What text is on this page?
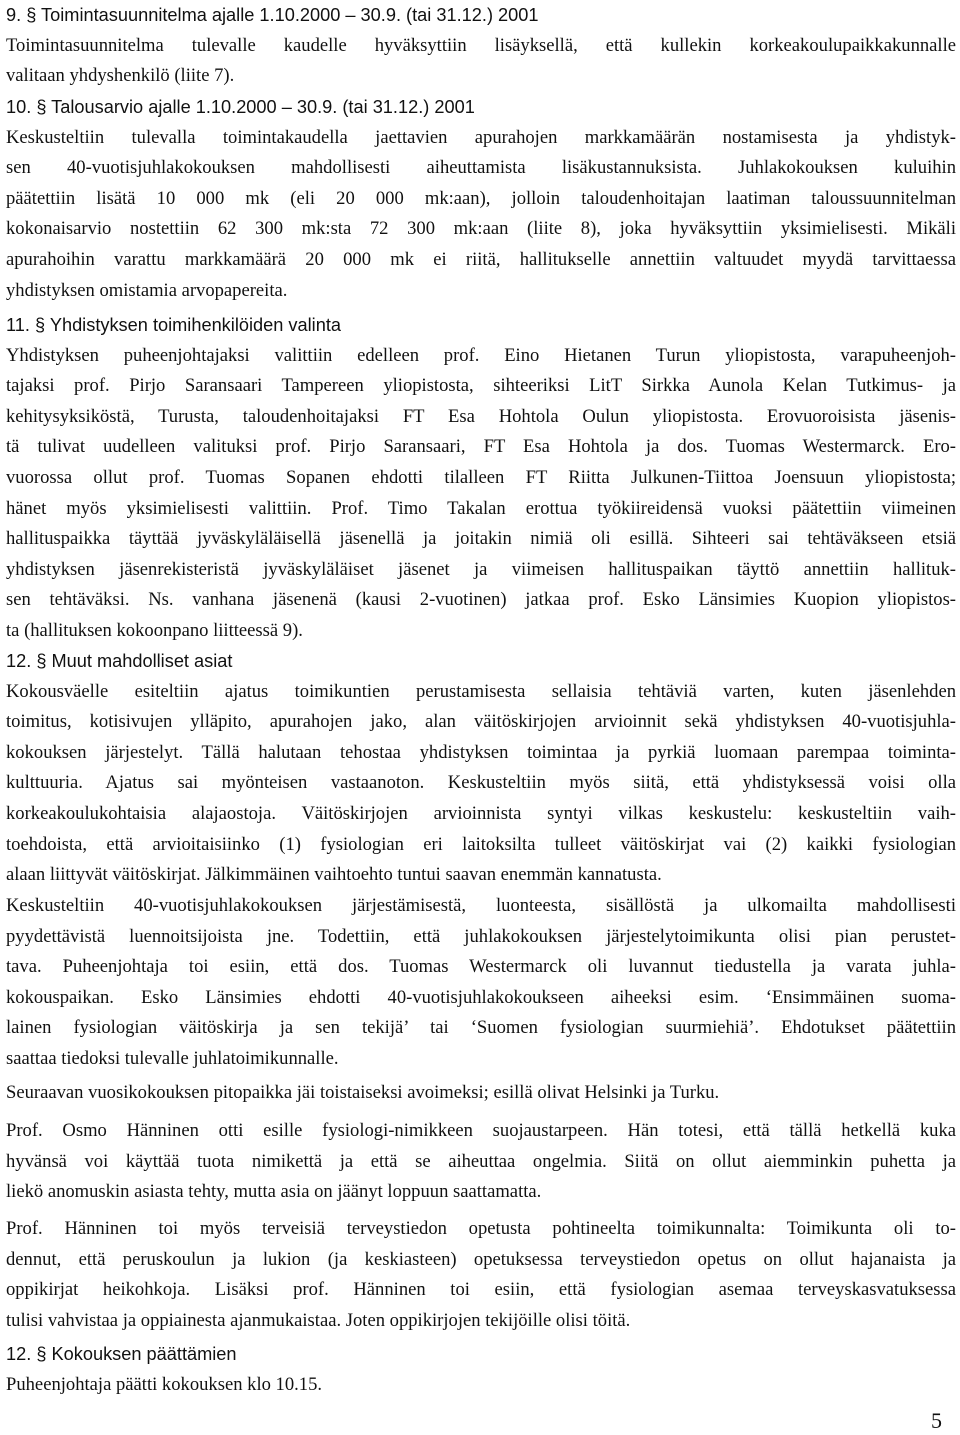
9. § Toimintasuunnitelma ajalle 1.10.2000 – 30.9. (tai 31.12.) 2001
Toimintasuunnitelma tulevalle kaudelle hyväksyttiin lisäyksellä, että kullekin korkeakoulupaikkakunnalle
valitaan yhdyshenkilö (liite 7).
10. § Talousarvio ajalle 1.10.2000 – 30.9. (tai 31.12.) 2001
Keskusteltiin tulevalla toimintakaudella jaettavien apurahojen markkamäärän nostamisesta ja yhdistyk-
sen 40-vuotisjuhlakokouksen mahdollisesti aiheuttamista lisäkustannuksista. Juhlakokouksen kuluihin
päätettiin lisätä 10 000 mk (eli 20 000 mk:aan), jolloin taloudenhoitajan laatiman taloussuunnitelman
kokonaisarvio nostettiin 62 300 mk:sta 72 300 mk:aan (liite 8), joka hyväksyttiin yksimielisesti. Mikäli
apurahoihin varattu markkamäärä 20 000 mk ei riitä, hallitukselle annettiin valtuudet myydä tarvittaessa
yhdistyksen omistamia arvopapereita.
11. § Yhdistyksen toimihenkilöiden valinta
Yhdistyksen puheenjohtajaksi valittiin edelleen prof. Eino Hietanen Turun yliopistosta, varapuheenjoh-
tajaksi prof. Pirjo Saransaari Tampereen yliopistosta, sihteeriksi LitT Sirkka Aunola Kelan Tutkimus- ja
kehitysyksiköstä, Turusta, taloudenhoitajaksi FT Esa Hohtola Oulun yliopistosta. Erovuoroisista jäsenis-
tä tulivat uudelleen valituksi prof. Pirjo Saransaari, FT Esa Hohtola ja dos. Tuomas Westermarck. Ero-
vuorossa ollut prof. Tuomas Sopanen ehdotti tilalleen FT Riitta Julkunen-Tiittoa Joensuun yliopistosta;
hänet myös yksimielisesti valittiin. Prof. Timo Takalan erottua työkiireidensä vuoksi päätettiin viimeinen
hallituspaikka täyttää jyväskyläläisellä jäsenellä ja joitakin nimiä oli esillä. Sihteeri sai tehtäväkseen etsiä
yhdistyksen jäsenrekisteristä jyväskyläläiset jäsenet ja viimeisen hallituspaikan täyttö annettiin hallituk-
sen tehtäväksi. Ns. vanhana jäsenenä (kausi 2-vuotinen) jatkaa prof. Esko Länsimies Kuopion yliopistos-
ta (hallituksen kokoonpano liitteessä 9).
12. § Muut mahdolliset asiat
Kokousväelle esiteltiin ajatus toimikuntien perustamisesta sellaisia tehtäviä varten, kuten jäsenlehden
toimitus, kotisivujen ylläpito, apurahojen jako, alan väitöskirjojen arvioinnit sekä yhdistyksen 40-vuotisjuhla-
kokouksen järjestelyt. Tällä halutaan tehostaa yhdistyksen toimintaa ja pyrkiä luomaan parempaa toiminta-
kulttuuria. Ajatus sai myönteisen vastaanoton. Keskusteltiin myös siitä, että yhdistyksessä voisi olla
korkeakoulukohtaisia alajaostoja. Väitöskirjojen arvioinnista syntyi vilkas keskustelu: keskusteltiin vaih-
toehdoista, että arvioitaisiinko (1) fysiologian eri laitoksilta tulleet väitöskirjat vai (2) kaikki fysiologian
alaan liittyvät väitöskirjat. Jälkimmäinen vaihtoehto tuntui saavan enemmän kannatusta.
Keskusteltiin 40-vuotisjuhlakokouksen järjestämisestä, luonteesta, sisällöstä ja ulkomailta mahdollisesti
pyydettävistä luennoitsijoista jne. Todettiin, että juhlakokouksen järjestelytoimikunta olisi pian perustet-
tava. Puheenjohtaja toi esiin, että dos. Tuomas Westermarck oli luvannut tiedustella ja varata juhla-
kokouspaikan. Esko Länsimies ehdotti 40-vuotisjuhlakokoukseen aiheeksi esim. ‘Ensimmäinen suoma-
lainen fysiologian väitöskirja ja sen tekijä’ tai ‘Suomen fysiologian suurmiehiä’. Ehdotukset päätettiin
saattaa tiedoksi tulevalle juhlatoimikunnalle.
Seuraavan vuosikokouksen pitopaikka jäi toistaiseksi avoimeksi; esillä olivat Helsinki ja Turku.
Prof. Osmo Hänninen otti esille fysiologi-nimikkeen suojaustarpeen. Hän totesi, että tällä hetkellä kuka
hyvänsä voi käyttää tuota nimikettä ja että se aiheuttaa ongelmia. Siitä on ollut aiemminkin puhetta ja
liekö anomuskin asiasta tehty, mutta asia on jäänyt loppuun saattamatta.
Prof. Hänninen toi myös terveisiä terveystiedon opetusta pohtineelta toimikunnalta: Toimikunta oli to-
dennut, että peruskoulun ja lukion (ja keskiasteen) opetuksessa terveystiedon opetus on ollut hajanaista ja
oppikirjat heikohkoja. Lisäksi prof. Hänninen toi esiin, että fysiologian asemaa terveyskasvatuksessa
tulisi vahvistaa ja oppiainesta ajanmukaistaa. Joten oppikirjojen tekijöille olisi töitä.
12. § Kokouksen päättämien
Puheenjohtaja päätti kokouksen klo 10.15.
5
